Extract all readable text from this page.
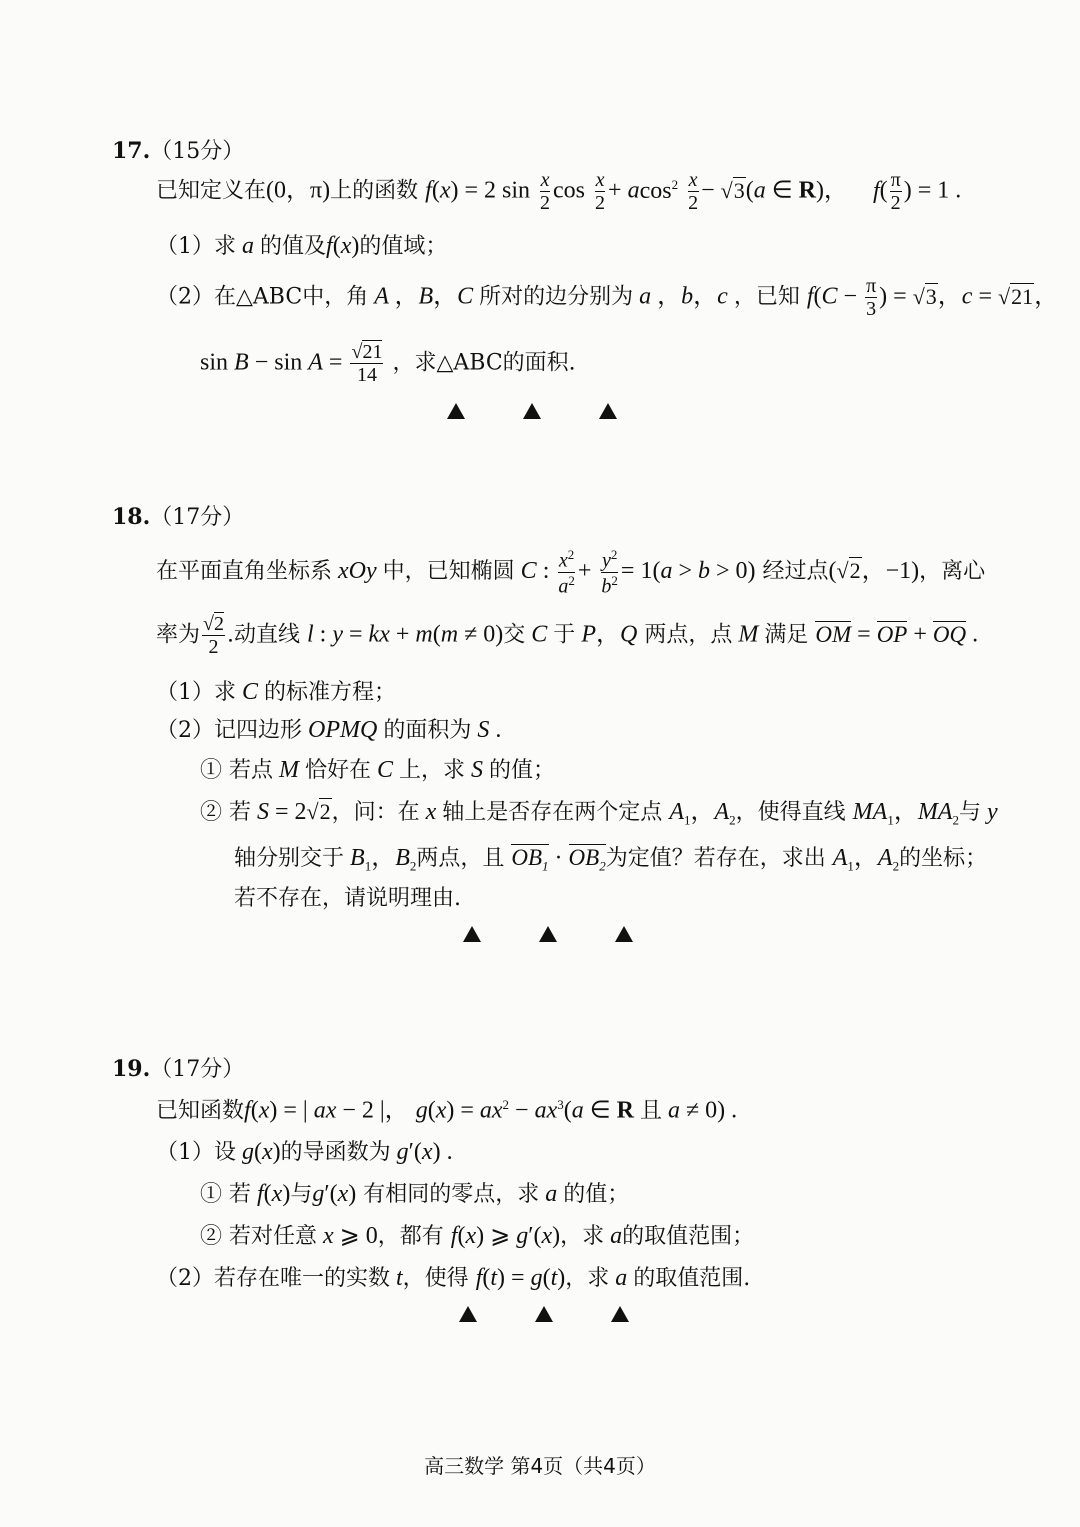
17.（15分）
已知定义在(0，π)上的函数 f(x) = 2 $\sin \frac{x}{2}$ $\cos \frac{x}{2} + acos^2 \frac{x}{2} - √3(a$ ∈ R)， $f( \frac{\pi}{2}$ ) = 1 .
（1）求 a 的值及f(x)的值域；
（2）在△ABC中，角 A ，B，C 所对的边分别为 a ，b，c ，已知 $f(C - \frac{\pi}{3}$ ) = √3，c = √21，
$\sin B - \sin A = \frac{√21}{14}$ ，求△ABC的面积.
18.（17分）
在平面直角坐标系 xOy 中，已知椭圆 C : $\frac{x^2}{a^2} + \frac{y^2}{b^2} = 1(a > b > 0)$ 经过点(√2，−1)，离心
率为 $\frac{√2}{2}$ .动直线 l : y = kx + m(m ≠ 0)交 C 于 P，Q 两点，点 M 满足 OM = OP + OQ .
（1）求 C 的标准方程；
（2）记四边形 OPMQ 的面积为 S .
① 若点 M 恰好在 C 上，求 S 的值；
② 若 S = 2√2，问：在 x 轴上是否存在两个定点 $A_1$，$A_2$，使得直线 $MA_1$，$MA_2$与 y
轴分别交于 $B_1$，$B_2$两点，且 $OB_1 \cdot OB_2$为定值？若存在，求出 $A_1$，$A_2$的坐标；
若不存在，请说明理由.
19.（17分）
已知函数f(x) = | ax − 2 |， $g(x) = ax^2 - ax^3(a$ ∈ R 且 a ≠ 0) .
（1）设 g(x)的导函数为 g′(x) .
① 若 f(x)与g′(x) 有相同的零点，求 a 的值；
② 若对任意 x ⩾ 0，都有 f(x) ⩾ g′(x)，求 a的取值范围；
（2）若存在唯一的实数 t，使得 f(t) = g(t)，求 a 的取值范围.
高三数学 第4页（共4页）
